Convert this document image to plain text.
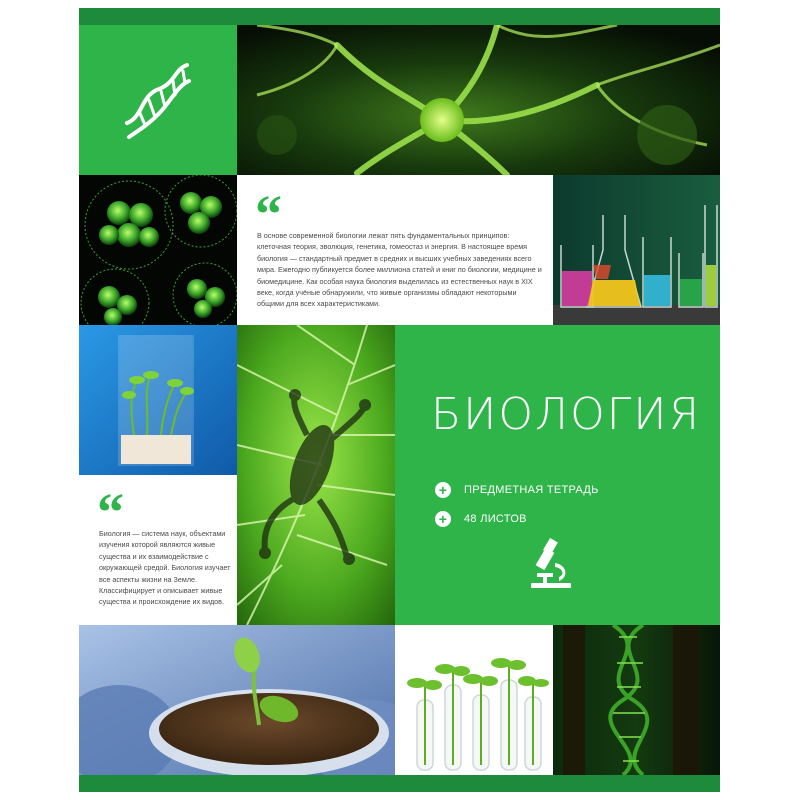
“
В основе современной биологии лежат пять фундаментальных принципов: клеточная теория, эволюция, генетика, гомеостаз и энергия. В настоящее время биология — стандартный предмет в средних и высших учебных заведениях всего мира. Ежегодно публикуется более миллиона статей и книг по биологии, медицине и биомедицине. Как особая наука биология выделилась из естественных наук в XIX веке, когда учёные обнаружили, что живые организмы обладают некоторыми общими для всех характеристиками.
БИОЛОГИЯ
+	ПРЕДМЕТНАЯ ТЕТРАДЬ
+	48 ЛИСТОВ
“
Биология — система наук, объектами изучения которой являются живые существа и их взаимодействие с окружающей средой. Биология изучает все аспекты жизни на Земле. Классифицирует и описывает живые существа и происхождение их видов.
